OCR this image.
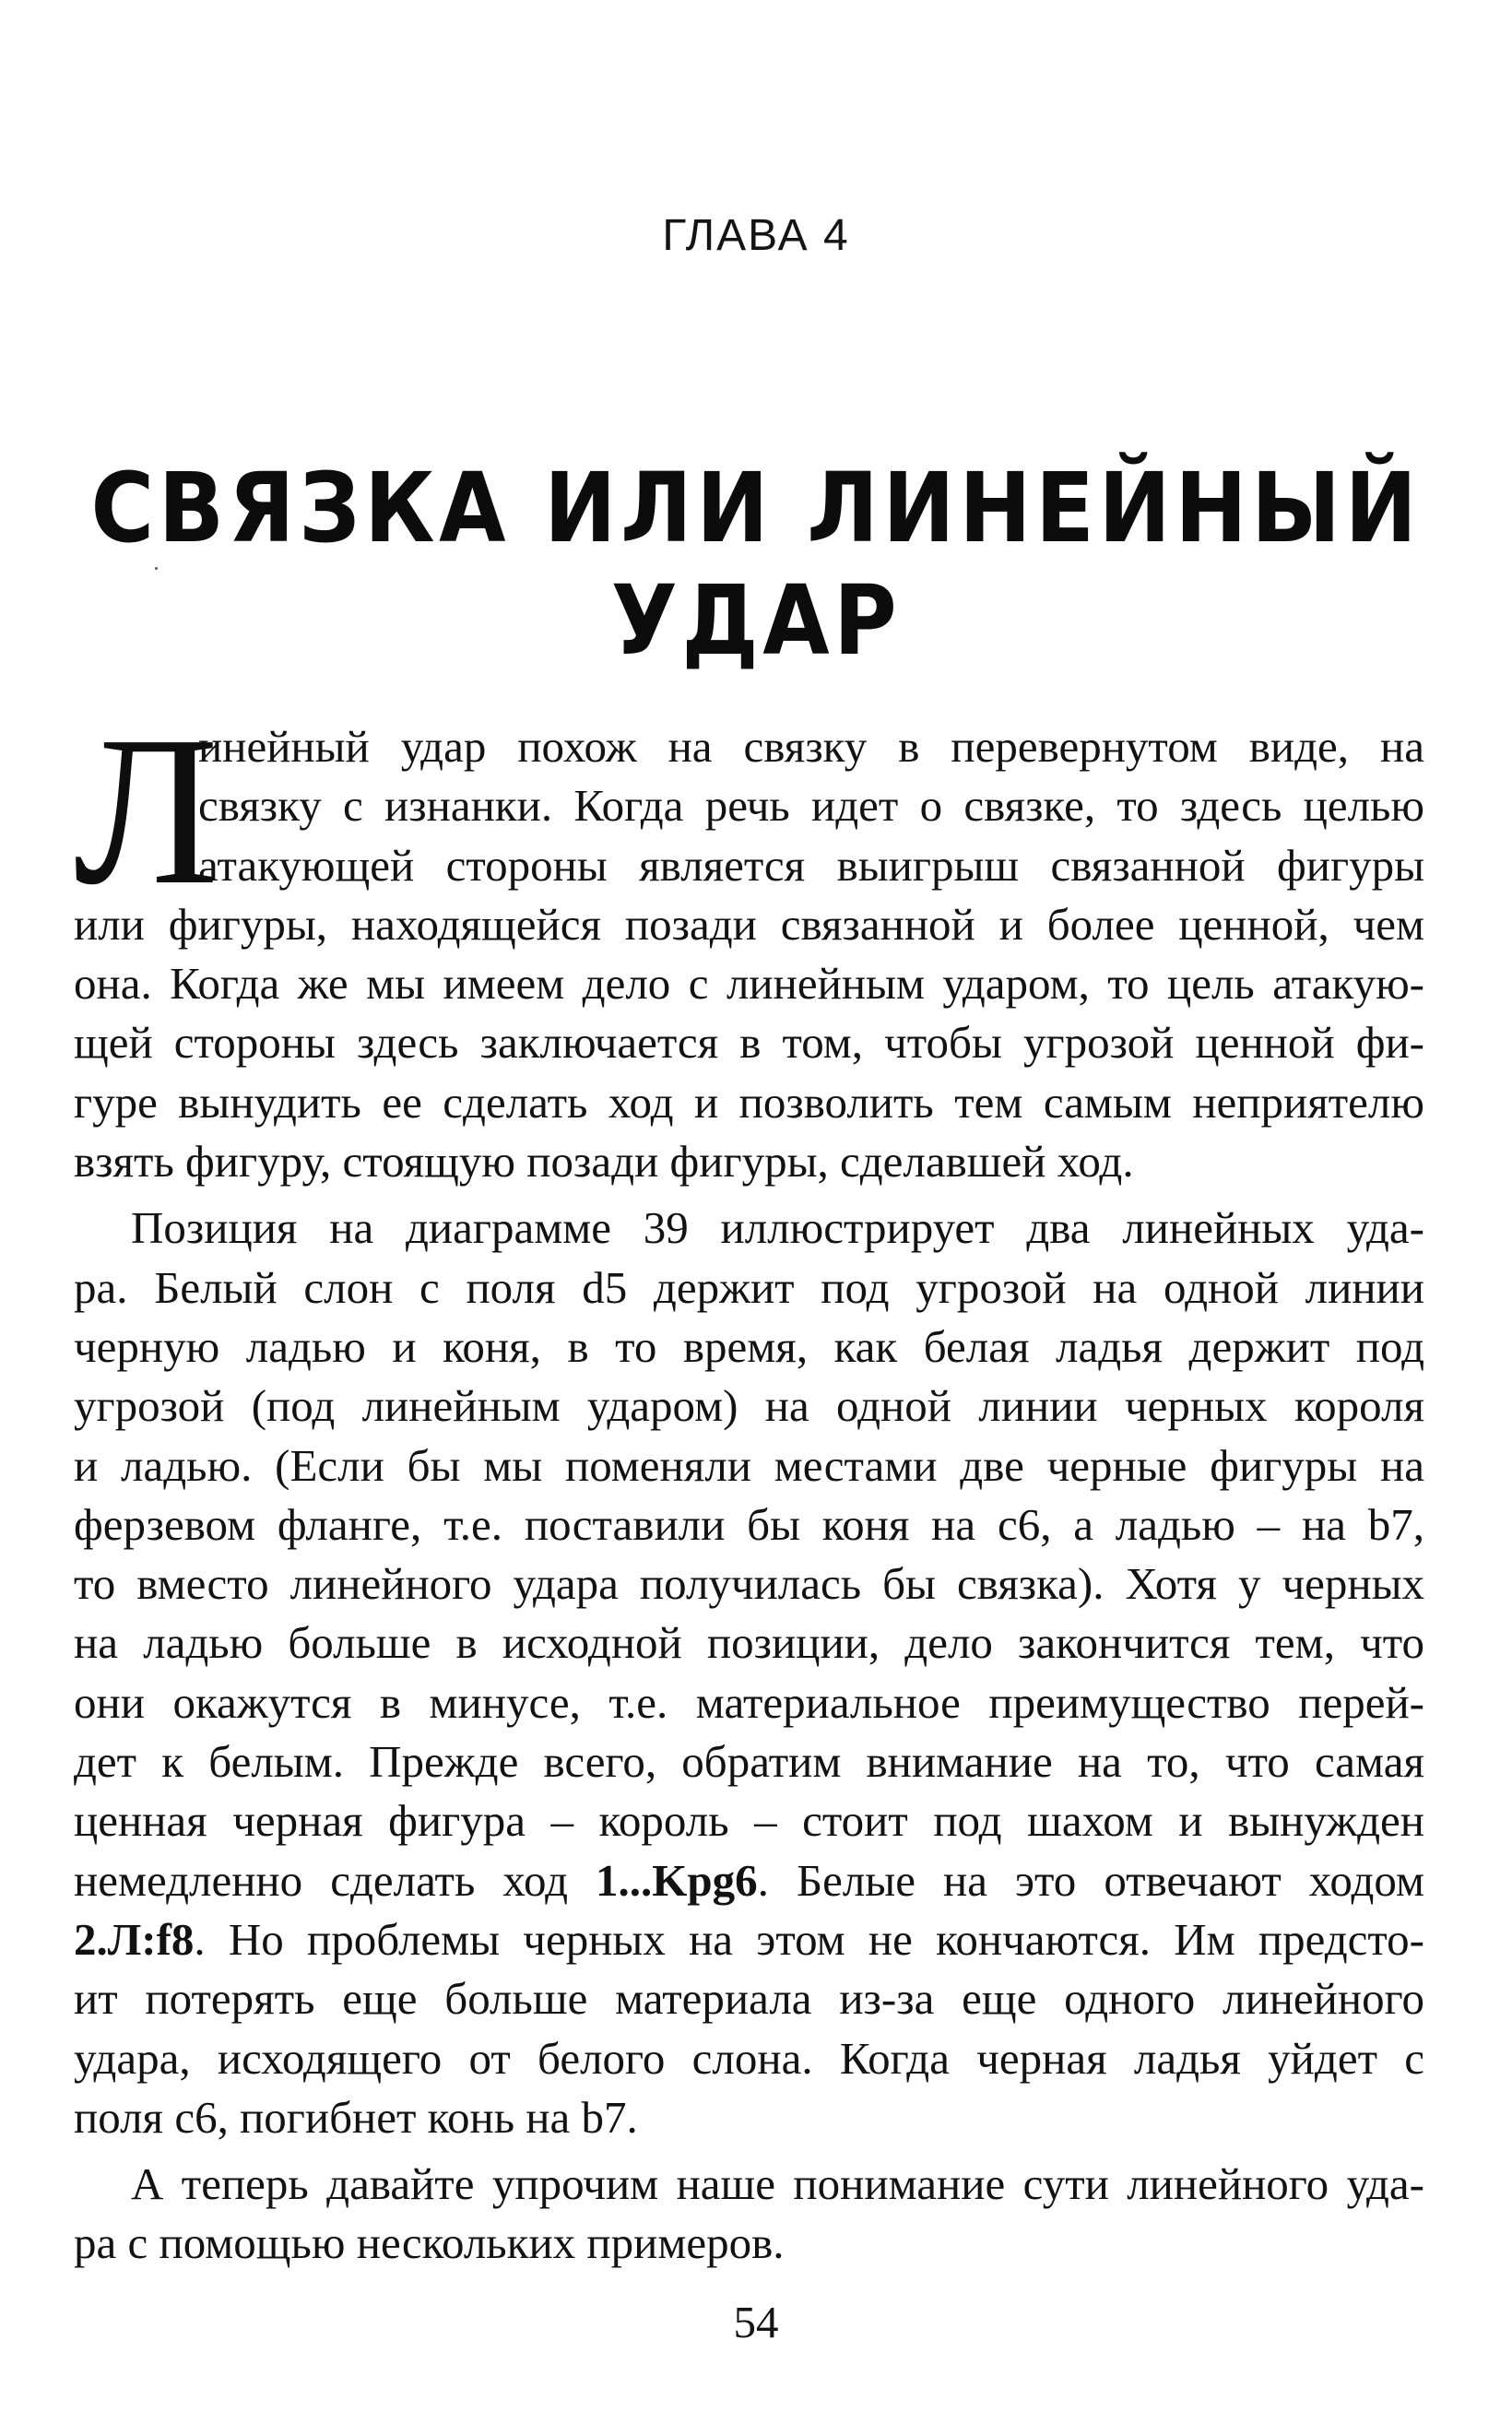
ГЛАВА 4
СВЯЗКА ИЛИ ЛИНЕЙНЫЙ УДАР
Л
инейный удар похож на связку в перевернутом виде, на
связку с изнанки. Когда речь идет о связке, то здесь целью
атакующей стороны является выигрыш связанной фигуры
или фигуры, находящейся позади связанной и более ценной, чем
она. Когда же мы имеем дело с линейным ударом, то цель атакую-
щей стороны здесь заключается в том, чтобы угрозой ценной фи-
гуре вынудить ее сделать ход и позволить тем самым неприятелю
взять фигуру, стоящую позади фигуры, сделавшей ход.
Позиция на диаграмме 39 иллюстрирует два линейных уда-
ра. Белый слон с поля d5 держит под угрозой на одной линии
черную ладью и коня, в то время, как белая ладья держит под
угрозой (под линейным ударом) на одной линии черных короля
и ладью. (Если бы мы поменяли местами две черные фигуры на
ферзевом фланге, т.е. поставили бы коня на с6, а ладью – на b7,
то вместо линейного удара получилась бы связка). Хотя у черных
на ладью больше в исходной позиции, дело закончится тем, что
они окажутся в минусе, т.е. материальное преимущество перей-
дет к белым. Прежде всего, обратим внимание на то, что самая
ценная черная фигура – король – стоит под шахом и вынужден
немедленно сделать ход 1...Kpg6. Белые на это отвечают ходом
2.Л:f8. Но проблемы черных на этом не кончаются. Им предсто-
ит потерять еще больше материала из-за еще одного линейного
удара, исходящего от белого слона. Когда черная ладья уйдет с
поля с6, погибнет конь на b7.
А теперь давайте упрочим наше понимание сути линейного уда-
ра с помощью нескольких примеров.
54
